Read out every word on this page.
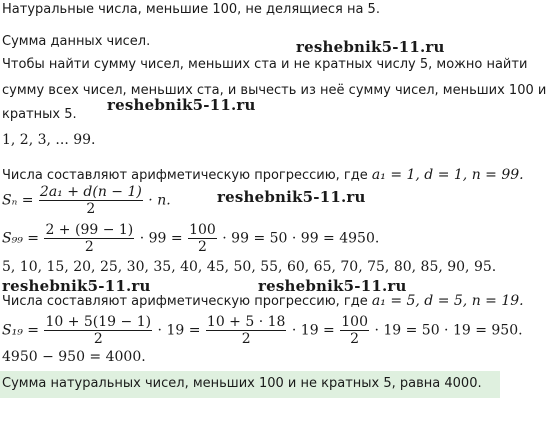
Натуральные числа, меньшие 100, не делящиеся на 5.
Сумма данных чисел.	reshebnik5-11.ru
Чтобы найти сумму чисел, меньших ста и не кратных числу 5, можно найти
сумму всех чисел, меньших ста, и вычесть из неё сумму чисел, меньших 100 и
reshebnik5-11.ru
кратных 5.
1, 2, 3, ... 99.
Числа составляют арифметическую прогрессию, где a₁ = 1, d = 1, n = 99.
reshebnik5-11.ru
$S_n = \frac{\text{2a₁ + d(n − 1)}}{2} \cdot n$.
$S_{99} = \frac{2 + (99 - 1)}{2} \cdot 99 = \frac{100}{2} \cdot 99 = 50 \cdot 99 = 4950$.
5, 10, 15, 20, 25, 30, 35, 40, 45, 50, 55, 60, 65, 70, 75, 80, 85, 90, 95.
reshebnik5-11.ru	reshebnik5-11.ru
Числа составляют арифметическую прогрессию, где a₁ = 5, d = 5, n = 19.
$S_{19} = \frac{10 + 5(19 - 1)}{2} \cdot 19 = \frac{10 + 5 \cdot 18}{2} \cdot 19 = \frac{100}{2} \cdot 19 = 50 \cdot 19 = 950$.
4950 − 950 = 4000.
Сумма натуральных чисел, меньших 100 и не кратных 5, равна 4000.
